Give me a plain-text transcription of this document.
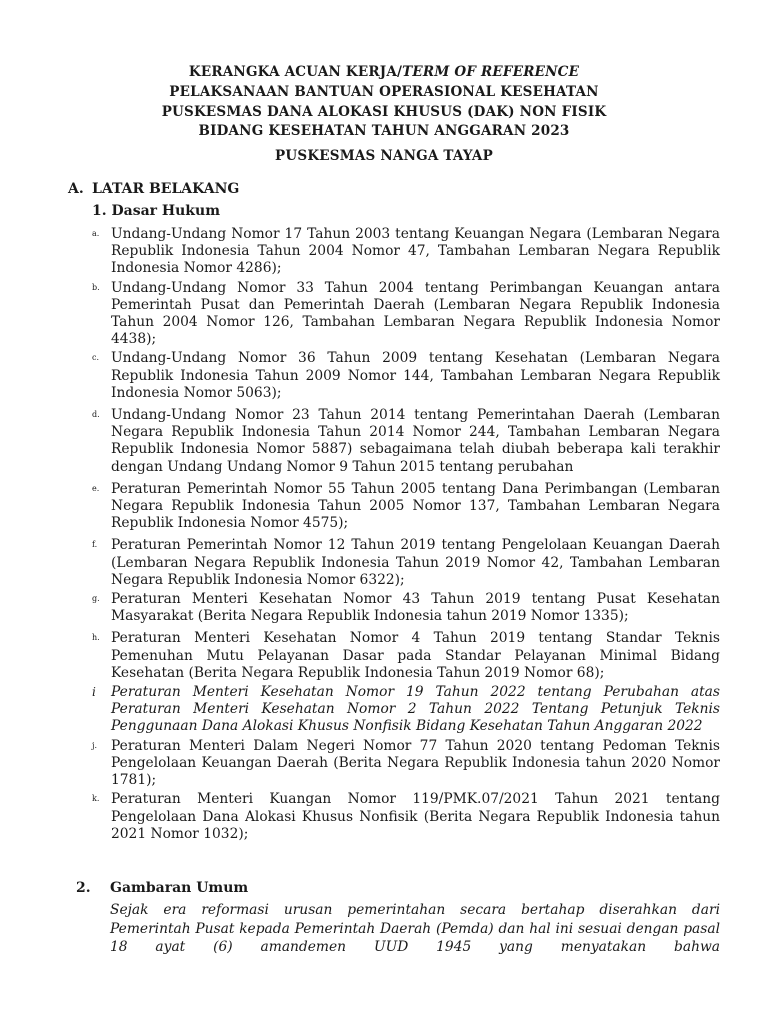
KERANGKA ACUAN KERJA/TERM OF REFERENCE
PELAKSANAAN BANTUAN OPERASIONAL KESEHATAN
PUSKESMAS DANA ALOKASI KHUSUS (DAK) NON FISIK
BIDANG KESEHATAN TAHUN ANGGARAN 2023
PUSKESMAS NANGA TAYAP
A. LATAR BELAKANG
1. Dasar Hukum
a. Undang-Undang Nomor 17 Tahun 2003 tentang Keuangan Negara (Lembaran Negara Republik Indonesia Tahun 2004 Nomor 47, Tambahan Lembaran Negara Republik Indonesia Nomor 4286);
b. Undang-Undang Nomor 33 Tahun 2004 tentang Perimbangan Keuangan antara Pemerintah Pusat dan Pemerintah Daerah (Lembaran Negara Republik Indonesia Tahun 2004 Nomor 126, Tambahan Lembaran Negara Republik Indonesia Nomor 4438);
c. Undang-Undang Nomor 36 Tahun 2009 tentang Kesehatan (Lembaran Negara Republik Indonesia Tahun 2009 Nomor 144, Tambahan Lembaran Negara Republik Indonesia Nomor 5063);
d. Undang-Undang Nomor 23 Tahun 2014 tentang Pemerintahan Daerah (Lembaran Negara Republik Indonesia Tahun 2014 Nomor 244, Tambahan Lembaran Negara Republik Indonesia Nomor 5887) sebagaimana telah diubah beberapa kali terakhir dengan Undang Undang Nomor 9 Tahun 2015 tentang perubahan
e. Peraturan Pemerintah Nomor 55 Tahun 2005 tentang Dana Perimbangan (Lembaran Negara Republik Indonesia Tahun 2005 Nomor 137, Tambahan Lembaran Negara Republik Indonesia Nomor 4575);
f. Peraturan Pemerintah Nomor 12 Tahun 2019 tentang Pengelolaan Keuangan Daerah (Lembaran Negara Republik Indonesia Tahun 2019 Nomor 42, Tambahan Lembaran Negara Republik Indonesia Nomor 6322);
g. Peraturan Menteri Kesehatan Nomor 43 Tahun 2019 tentang Pusat Kesehatan Masyarakat (Berita Negara Republik Indonesia tahun 2019 Nomor 1335);
h. Peraturan Menteri Kesehatan Nomor 4 Tahun 2019 tentang Standar Teknis Pemenuhan Mutu Pelayanan Dasar pada Standar Pelayanan Minimal Bidang Kesehatan (Berita Negara Republik Indonesia Tahun 2019 Nomor 68);
i Peraturan Menteri Kesehatan Nomor 19 Tahun 2022 tentang Perubahan atas Peraturan Menteri Kesehatan Nomor 2 Tahun 2022 Tentang Petunjuk Teknis Penggunaan Dana Alokasi Khusus Nonfisik Bidang Kesehatan Tahun Anggaran 2022
j. Peraturan Menteri Dalam Negeri Nomor 77 Tahun 2020 tentang Pedoman Teknis Pengelolaan Keuangan Daerah (Berita Negara Republik Indonesia tahun 2020 Nomor 1781);
k. Peraturan Menteri Kuangan Nomor 119/PMK.07/2021 Tahun 2021 tentang Pengelolaan Dana Alokasi Khusus Nonfisik (Berita Negara Republik Indonesia tahun 2021 Nomor 1032);
2. Gambaran Umum
Sejak era reformasi urusan pemerintahan secara bertahap diserahkan dari Pemerintah Pusat kepada Pemerintah Daerah (Pemda) dan hal ini sesuai dengan pasal 18 ayat (6) amandemen UUD 1945 yang menyatakan bahwa
